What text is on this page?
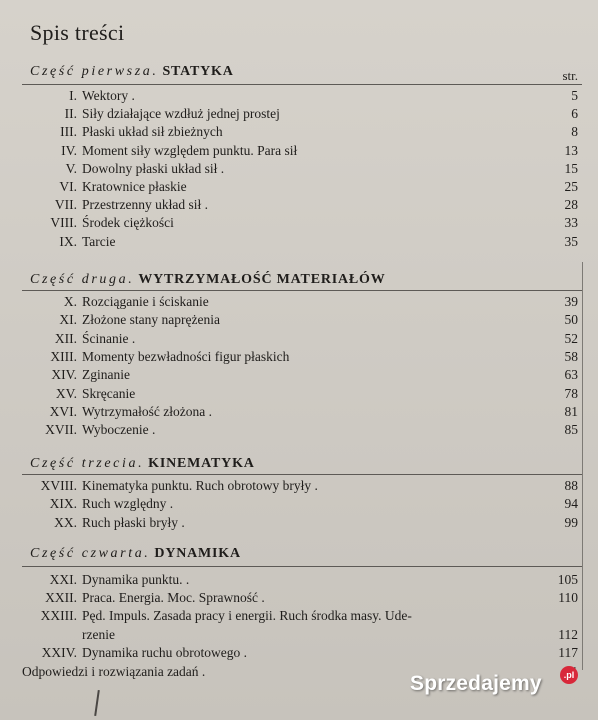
Spis treści
str.
Część pierwsza. STATYKA
I. Wektory .	5
II. Siły działające wzdłuż jednej prostej	6
III. Płaski układ sił zbieżnych	8
IV. Moment siły względem punktu. Para sił	13
V. Dowolny płaski układ sił .	15
VI. Kratownice płaskie	25
VII. Przestrzenny układ sił .	28
VIII. Środek ciężkości	33
IX. Tarcie	35
Część druga. WYTRZYMAŁOŚĆ MATERIAŁÓW
X. Rozciąganie i ściskanie	39
XI. Złożone stany naprężenia	50
XII. Ścinanie .	52
XIII. Momenty bezwładności figur płaskich	58
XIV. Zginanie	63
XV. Skręcanie	78
XVI. Wytrzymałość złożona .	81
XVII. Wyboczenie .	85
Część trzecia. KINEMATYKA
XVIII. Kinematyka punktu. Ruch obrotowy bryły .	88
XIX. Ruch względny .	94
XX. Ruch płaski bryły .	99
Część czwarta. DYNAMIKA
XXI. Dynamika punktu. .	105
XXII. Praca. Energia. Moc. Sprawność .	110
XXIII. Pęd. Impuls. Zasada pracy i energii. Ruch środka masy. Ude-
rzenie	112
XXIV. Dynamika ruchu obrotowego .	117
Odpowiedzi i rozwiązania zadań .
Sprzedajemy	.pl
